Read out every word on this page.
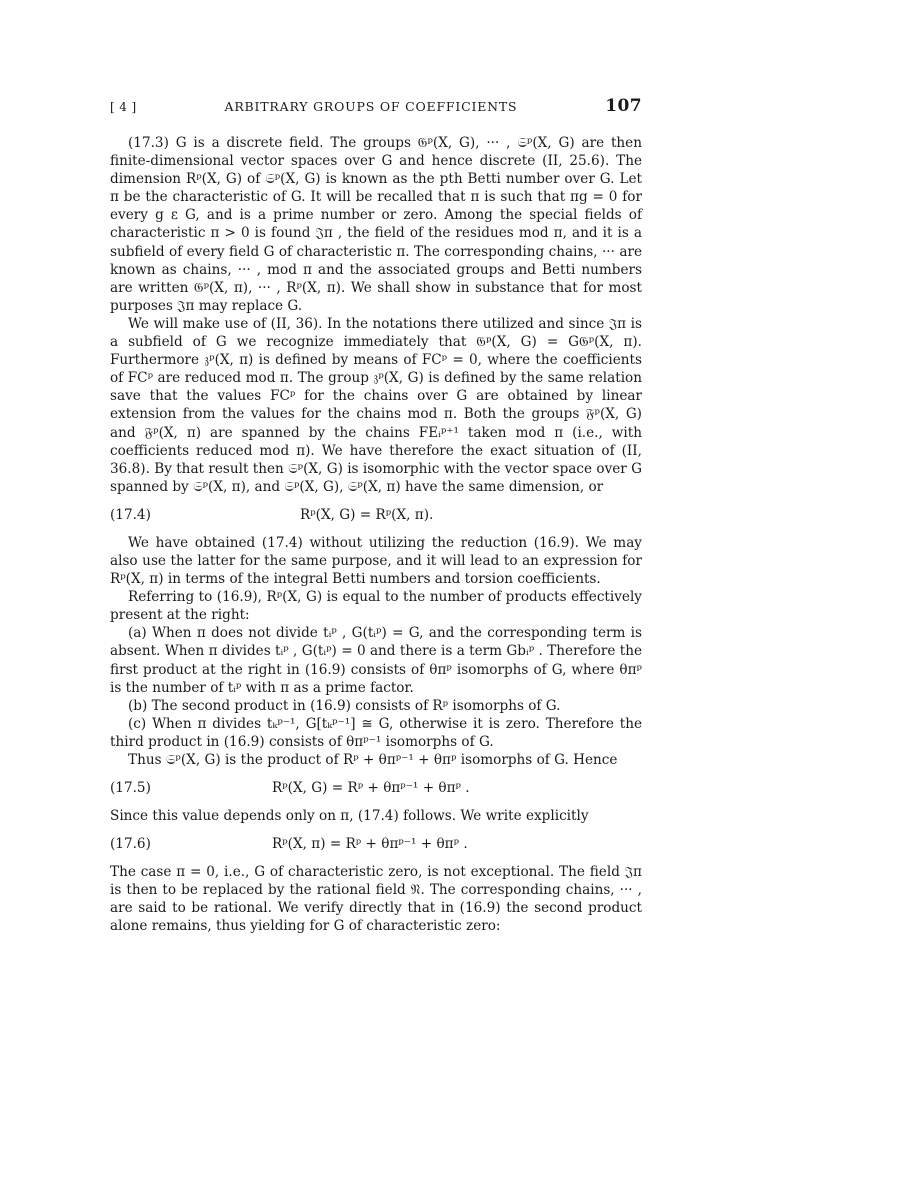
[ 4 ]	ARBITRARY GROUPS OF COEFFICIENTS	107

(17.3) G is a discrete field. The groups 𝔊ᵖ(X, G), ··· , 𝔖ᵖ(X, G) are then finite-dimensional vector spaces over G and hence discrete (II, 25.6). The dimension Rᵖ(X, G) of 𝔖ᵖ(X, G) is known as the pth Betti number over G. Let π be the characteristic of G. It will be recalled that π is such that πg = 0 for every g ε G, and is a prime number or zero. Among the special fields of characteristic π > 0 is found 𝔍π , the field of the residues mod π, and it is a subfield of every field G of characteristic π. The corresponding chains, ··· are known as chains, ··· , mod π and the associated groups and Betti numbers are written 𝔊ᵖ(X, π), ··· , Rᵖ(X, π). We shall show in substance that for most purposes 𝔍π may replace G.

We will make use of (II, 36). In the notations there utilized and since 𝔍π is a subfield of G we recognize immediately that 𝔊ᵖ(X, G) = G𝔊ᵖ(X, π). Furthermore 𝔷ᵖ(X, π) is defined by means of FCᵖ = 0, where the coefficients of FCᵖ are reduced mod π. The group 𝔷ᵖ(X, G) is defined by the same relation save that the values FCᵖ for the chains over G are obtained by linear extension from the values for the chains mod π. Both the groups 𝔉ᵖ(X, G) and 𝔉ᵖ(X, π) are spanned by the chains FEᵢᵖ⁺¹ taken mod π (i.e., with coefficients reduced mod π). We have therefore the exact situation of (II, 36.8). By that result then 𝔖ᵖ(X, G) is isomorphic with the vector space over G spanned by 𝔖ᵖ(X, π), and 𝔖ᵖ(X, G), 𝔖ᵖ(X, π) have the same dimension, or

(17.4)	Rᵖ(X, G) = Rᵖ(X, π).

We have obtained (17.4) without utilizing the reduction (16.9). We may also use the latter for the same purpose, and it will lead to an expression for Rᵖ(X, π) in terms of the integral Betti numbers and torsion coefficients.

Referring to (16.9), Rᵖ(X, G) is equal to the number of products effectively present at the right:

(a) When π does not divide tᵢᵖ , G(tᵢᵖ) = G, and the corresponding term is absent. When π divides tᵢᵖ , G(tᵢᵖ) = 0 and there is a term Gbᵢᵖ . Therefore the first product at the right in (16.9) consists of θπᵖ isomorphs of G, where θπᵖ is the number of tᵢᵖ with π as a prime factor.

(b) The second product in (16.9) consists of Rᵖ isomorphs of G.

(c) When π divides tₖᵖ⁻¹, G[tₖᵖ⁻¹] ≅ G, otherwise it is zero. Therefore the third product in (16.9) consists of θπᵖ⁻¹ isomorphs of G.

Thus 𝔖ᵖ(X, G) is the product of Rᵖ + θπᵖ⁻¹ + θπᵖ isomorphs of G. Hence

(17.5)	Rᵖ(X, G) = Rᵖ + θπᵖ⁻¹ + θπᵖ .

Since this value depends only on π, (17.4) follows. We write explicitly

(17.6)	Rᵖ(X, π) = Rᵖ + θπᵖ⁻¹ + θπᵖ .

The case π = 0, i.e., G of characteristic zero, is not exceptional. The field 𝔍π is then to be replaced by the rational field 𝔑. The corresponding chains, ··· , are said to be rational. We verify directly that in (16.9) the second product alone remains, thus yielding for G of characteristic zero:
